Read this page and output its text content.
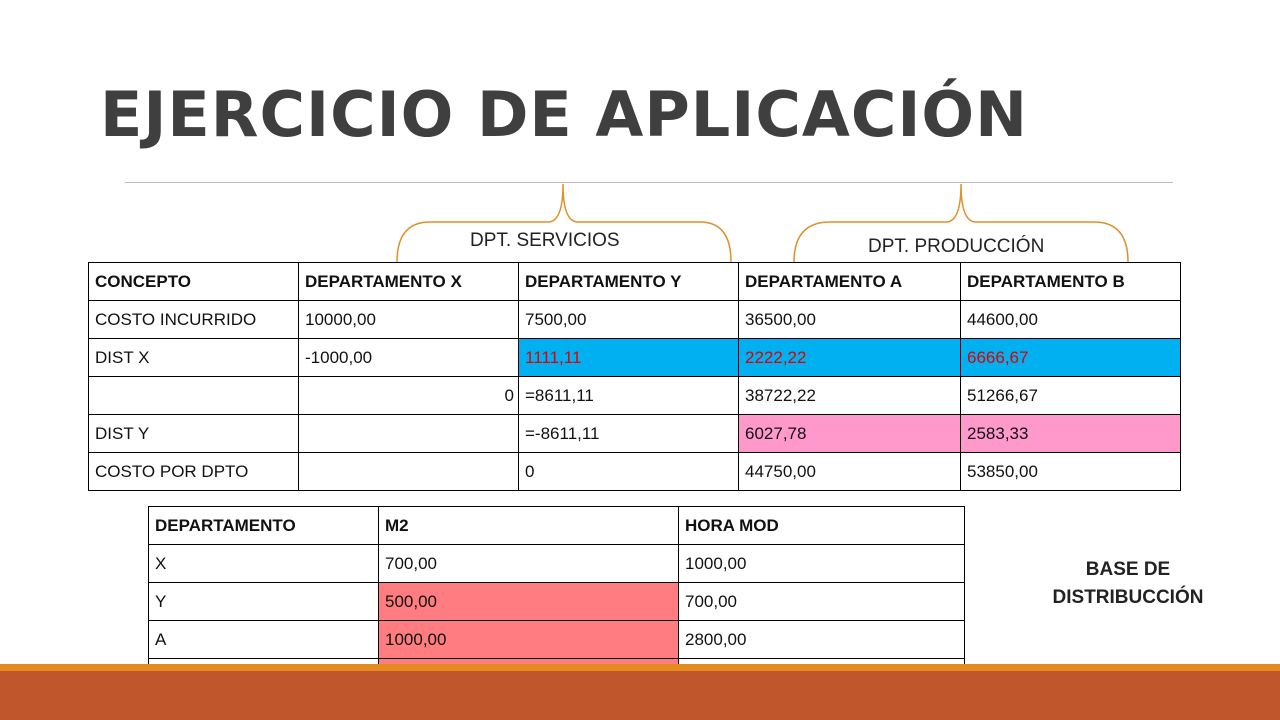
EJERCICIO DE APLICACIÓN
DPT. SERVICIOS	DPT. PRODUCCIÓN
CONCEPTO	DEPARTAMENTO X	DEPARTAMENTO Y	DEPARTAMENTO A	DEPARTAMENTO B
COSTO INCURRIDO	10000,00	7500,00	36500,00	44600,00
DIST X	-1000,00	1111,11	2222,22	6666,67
	0	=8611,11	38722,22	51266,67
DIST Y		=-8611,11	6027,78	2583,33
COSTO POR DPTO		0	44750,00	53850,00
DEPARTAMENTO	M2	HORA MOD
X	700,00	1000,00
Y	500,00	700,00
A	1000,00	2800,00

BASE DE
DISTRIBUCCIÓN
